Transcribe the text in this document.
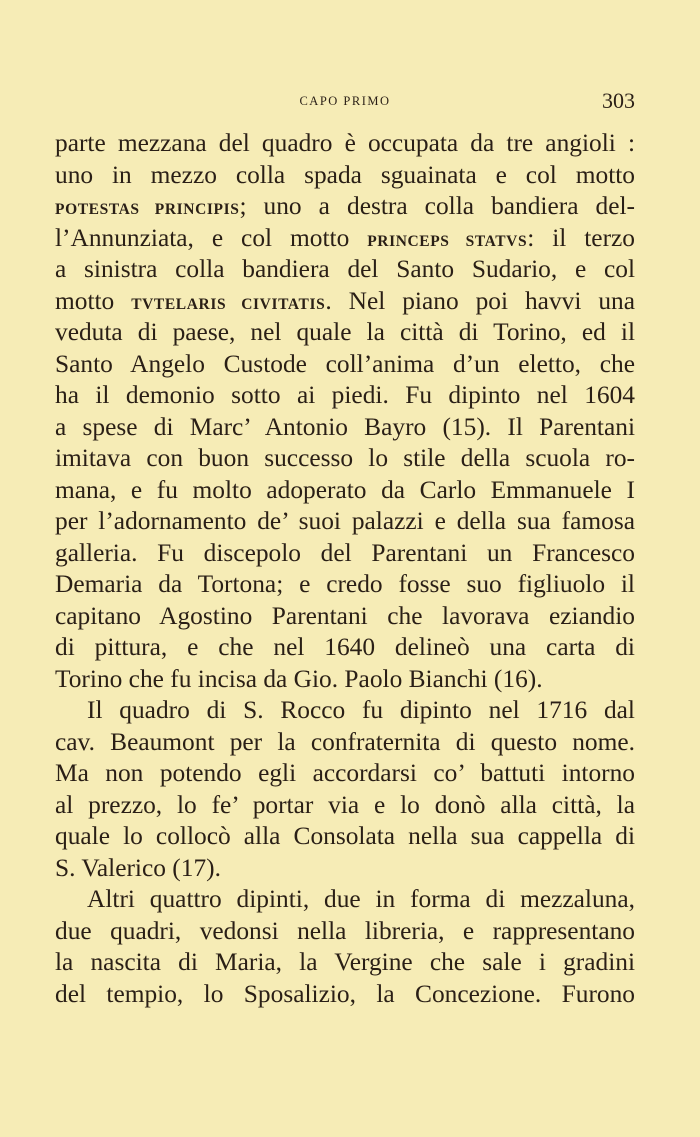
CAPO PRIMO	303
parte mezzana del quadro è occupata da tre angioli :
uno in mezzo colla spada sguainata e col motto
POTESTAS PRINCIPIS; uno a destra colla bandiera del-
l’Annunziata, e col motto PRINCEPS STATVS: il terzo
a sinistra colla bandiera del Santo Sudario, e col
motto TVTELARIS CIVITATIS. Nel piano poi havvi una
veduta di paese, nel quale la città di Torino, ed il
Santo Angelo Custode coll’anima d’un eletto, che
ha il demonio sotto ai piedi. Fu dipinto nel 1604
a spese di Marc’ Antonio Bayro (15). Il Parentani
imitava con buon successo lo stile della scuola ro-
mana, e fu molto adoperato da Carlo Emmanuele I
per l’adornamento de’ suoi palazzi e della sua famosa
galleria. Fu discepolo del Parentani un Francesco
Demaria da Tortona; e credo fosse suo figliuolo il
capitano Agostino Parentani che lavorava eziandio
di pittura, e che nel 1640 delineò una carta di
Torino che fu incisa da Gio. Paolo Bianchi (16).
Il quadro di S. Rocco fu dipinto nel 1716 dal
cav. Beaumont per la confraternita di questo nome.
Ma non potendo egli accordarsi co’ battuti intorno
al prezzo, lo fe’ portar via e lo donò alla città, la
quale lo collocò alla Consolata nella sua cappella di
S. Valerico (17).
Altri quattro dipinti, due in forma di mezzaluna,
due quadri, vedonsi nella libreria, e rappresentano
la nascita di Maria, la Vergine che sale i gradini
del tempio, lo Sposalizio, la Concezione. Furono
